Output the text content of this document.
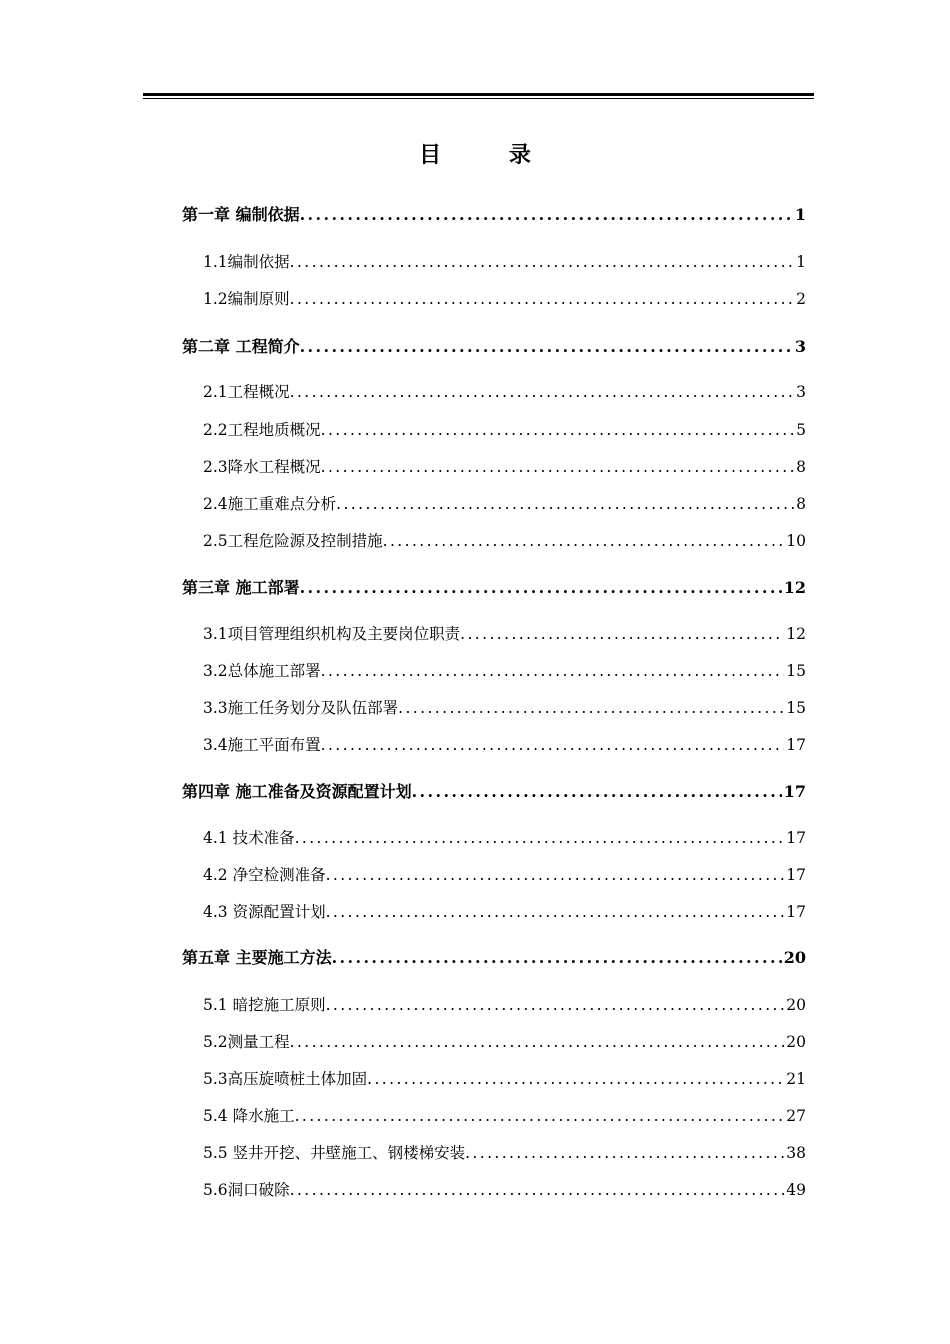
目 录
第一章 编制依据 .....	1
1.1编制依据 .....	1
1.2编制原则 .....	2
第二章 工程简介 .....	3
2.1工程概况 .....	3
2.2工程地质概况 .....	5
2.3降水工程概况 .....	8
2.4施工重难点分析 .....	8
2.5工程危险源及控制措施 .....	10
第三章 施工部署 .....	12
3.1项目管理组织机构及主要岗位职责 .....	12
3.2总体施工部署 .....	15
3.3施工任务划分及队伍部署 .....	15
3.4施工平面布置 .....	17
第四章 施工准备及资源配置计划 .....	17
4.1 技术准备 .....	17
4.2 净空检测准备 .....	17
4.3 资源配置计划 .....	17
第五章 主要施工方法 .....	20
5.1 暗挖施工原则 .....	20
5.2测量工程 .....	20
5.3高压旋喷桩土体加固 .....	21
5.4 降水施工 .....	27
5.5 竖井开挖、井壁施工、钢楼梯安装 .....	38
5.6洞口破除 .....	49
